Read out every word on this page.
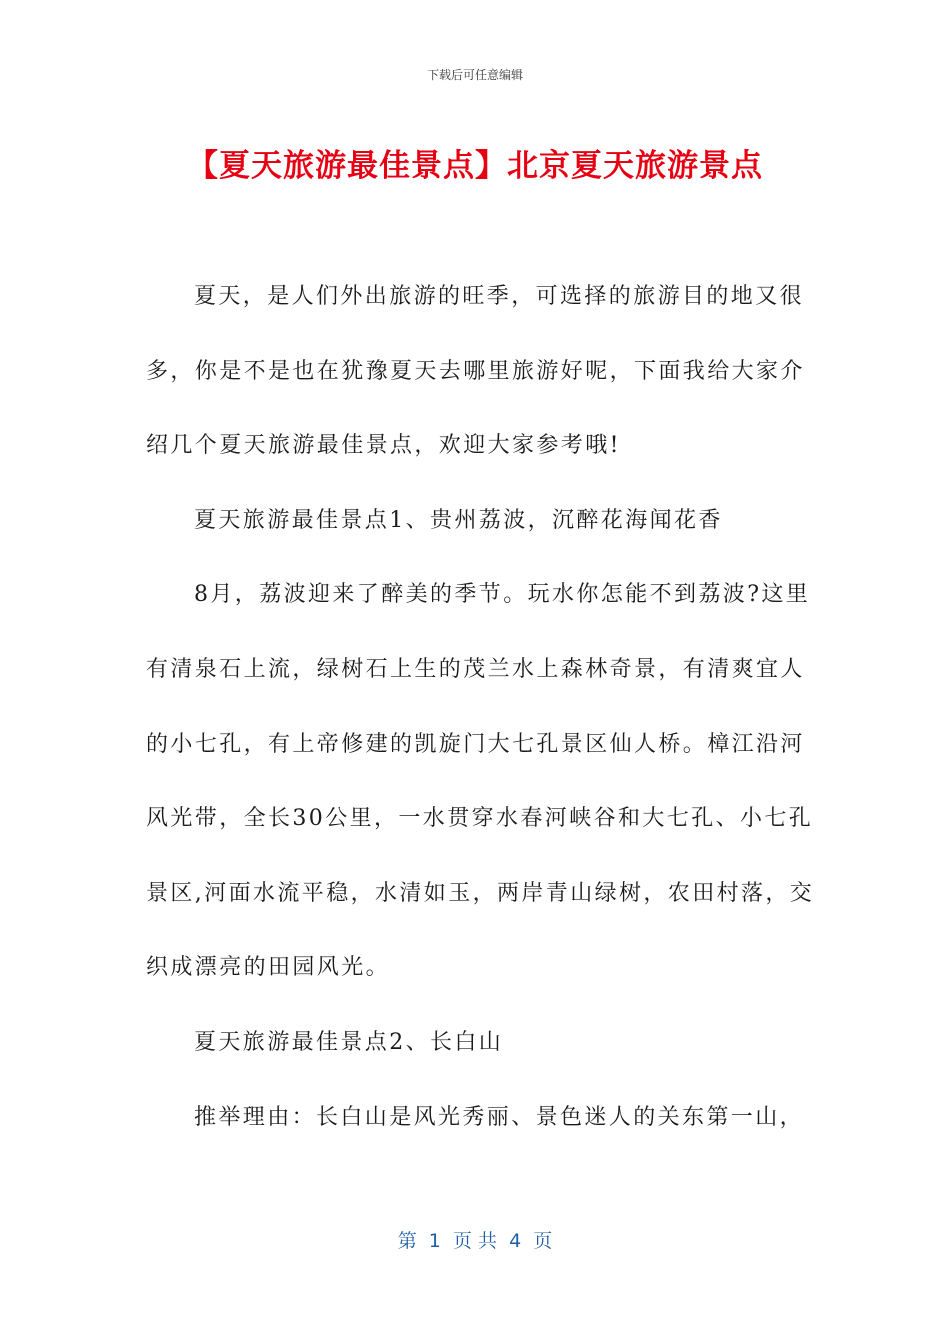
下载后可任意编辑
【夏天旅游最佳景点】北京夏天旅游景点
夏天，是人们外出旅游的旺季，可选择的旅游目的地又很
多，你是不是也在犹豫夏天去哪里旅游好呢，下面我给大家介
绍几个夏天旅游最佳景点，欢迎大家参考哦!
夏天旅游最佳景点1、贵州荔波，沉醉花海闻花香
8月，荔波迎来了醉美的季节。玩水你怎能不到荔波?这里
有清泉石上流，绿树石上生的茂兰水上森林奇景，有清爽宜人
的小七孔，有上帝修建的凯旋门大七孔景区仙人桥。樟江沿河
风光带，全长30公里，一水贯穿水春河峡谷和大七孔、小七孔
景区,河面水流平稳，水清如玉，两岸青山绿树，农田村落，交
织成漂亮的田园风光。
夏天旅游最佳景点2、长白山
推举理由：长白山是风光秀丽、景色迷人的关东第一山，
第  1  页 共  4  页
